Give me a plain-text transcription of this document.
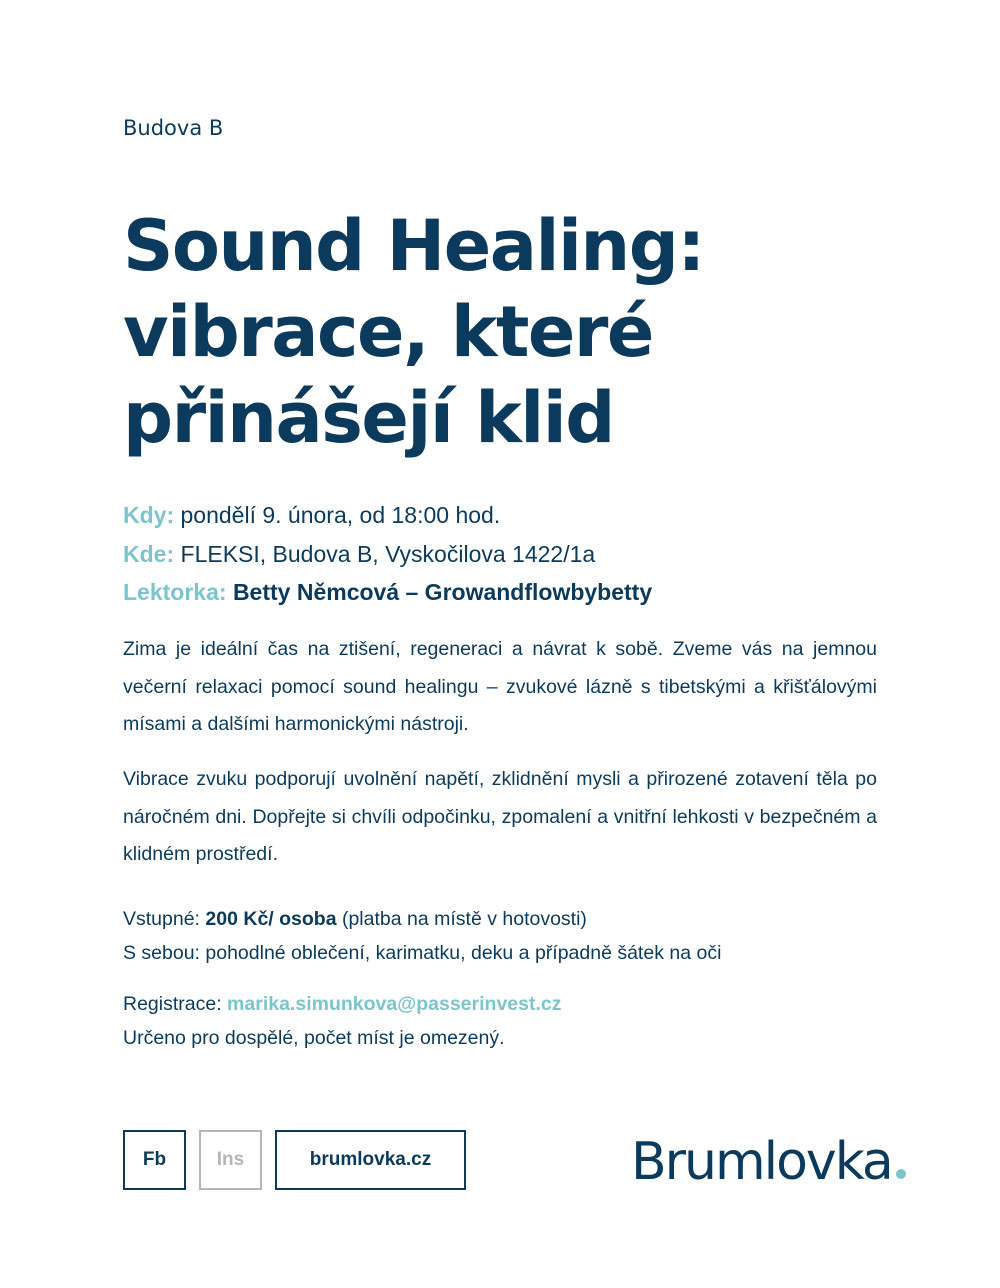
Budova B
Sound Healing:
vibrace, které
přinášejí klid
Kdy: pondělí 9. února, od 18:00 hod.
Kde: FLEKSI, Budova B, Vyskočilova 1422/1a
Lektorka: Betty Němcová – Growandflowbybetty

Zima je ideální čas na ztišení, regeneraci a návrat k sobě. Zveme vás na jemnou večerní relaxaci pomocí sound healingu – zvukové lázně s tibetskými a křišťálovými mísami a dalšími harmonickými nástroji.

Vibrace zvuku podporují uvolnění napětí, zklidnění mysli a přirozené zotavení těla po náročném dni. Dopřejte si chvíli odpočinku, zpomalení a vnitřní lehkosti v bezpečném a klidném prostředí.

Vstupné: 200 Kč/ osoba (platba na místě v hotovosti)
S sebou: pohodlné oblečení, karimatku, deku a případně šátek na oči
Registrace: marika.simunkova@passerinvest.cz
Určeno pro dospělé, počet míst je omezený.
Fb	Ins	brumlovka.cz	Brumlovka
